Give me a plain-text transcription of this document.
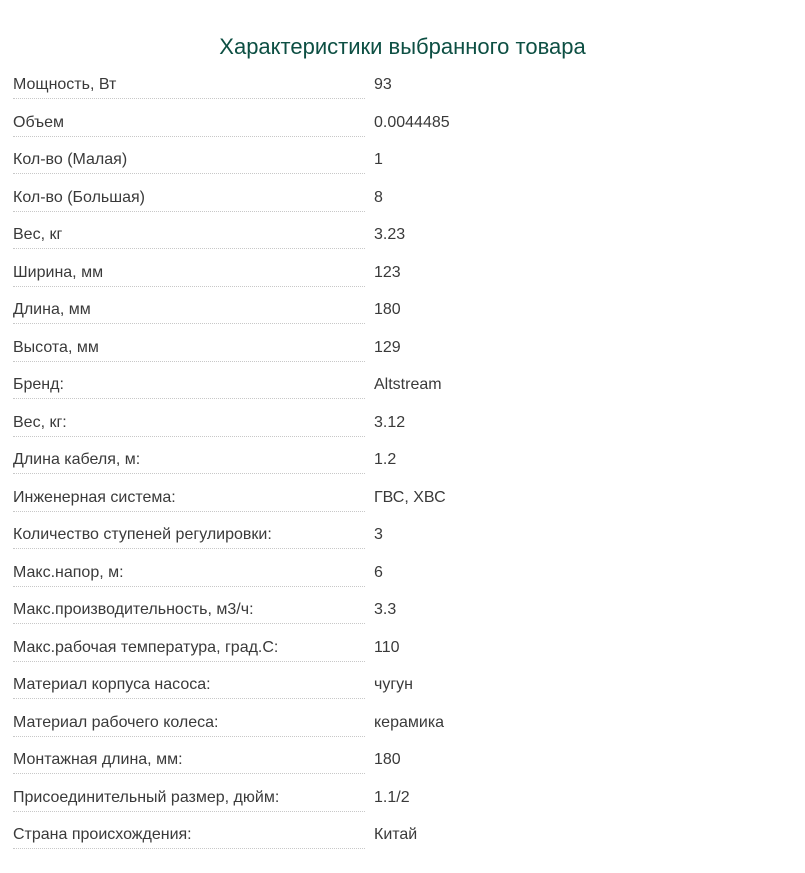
Характеристики выбранного товара
Мощность, Вт	93
Объем	0.0044485
Кол-во (Малая)	1
Кол-во (Большая)	8
Вес, кг	3.23
Ширина, мм	123
Длина, мм	180
Высота, мм	129
Бренд:	Altstream
Вес, кг:	3.12
Длина кабеля, м:	1.2
Инженерная система:	ГВС, ХВС
Количество ступеней регулировки:	3
Макс.напор, м:	6
Макс.производительность, м3/ч:	3.3
Макс.рабочая температура, град.С:	110
Материал корпуса насоса:	чугун
Материал рабочего колеса:	керамика
Монтажная длина, мм:	180
Присоединительный размер, дюйм:	1.1/2
Страна происхождения:	Китай
